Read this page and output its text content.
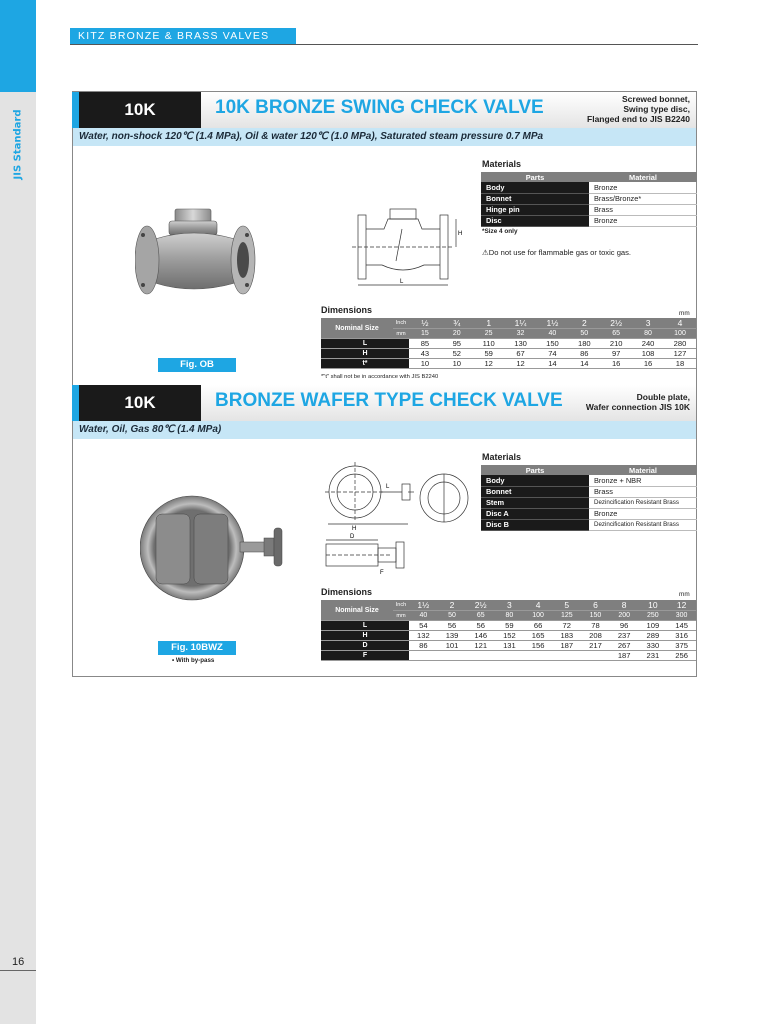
JIS Standard
16
KITZ BRONZE & BRASS VALVES
10K	10K BRONZE SWING CHECK VALVE	Screwed bonnet,
Swing type disc,
Flanged end to JIS B2240
Water, non-shock 120℃ (1.4 MPa), Oil & water 120℃ (1.0 MPa), Saturated steam pressure 0.7 MPa
H
L
Materials
Parts	Material
Body	Bronze
Bonnet	Brass/Bronze*
Hinge pin	Brass
Disc	Bronze
*Size 4 only
⚠Do not use for flammable gas or toxic gas.
Dimensions	mm
Nominal Size	Inch	½	¾	1	1¼	1½	2	2½	3	4
	mm	15	20	25	32	40	50	65	80	100
L		85	95	110	130	150	180	210	240	280
H		43	52	59	67	74	86	97	108	127
t*		10	10	12	12	14	14	16	16	18
*"t" shall not be in accordance with JIS B2240
Fig. OB
10K	BRONZE WAFER TYPE CHECK VALVE	Double plate,
Wafer connection JIS 10K
Water, Oil, Gas 80℃ (1.4 MPa)
H
L
D
F
Materials
Parts	Material
Body	Bronze + NBR
Bonnet	Brass
Stem	Dezincification Resistant Brass
Disc A	Bronze
Disc B	Dezincification Resistant Brass
Dimensions	mm
Nominal Size	Inch	1½	2	2½	3	4	5	6	8	10	12
	mm	40	50	65	80	100	125	150	200	250	300
L		54	56	56	59	66	72	78	96	109	145
H		132	139	146	152	165	183	208	237	289	316
D		86	101	121	131	156	187	217	267	330	375
F									187	231	256
Fig. 10BWZ
• With by-pass
